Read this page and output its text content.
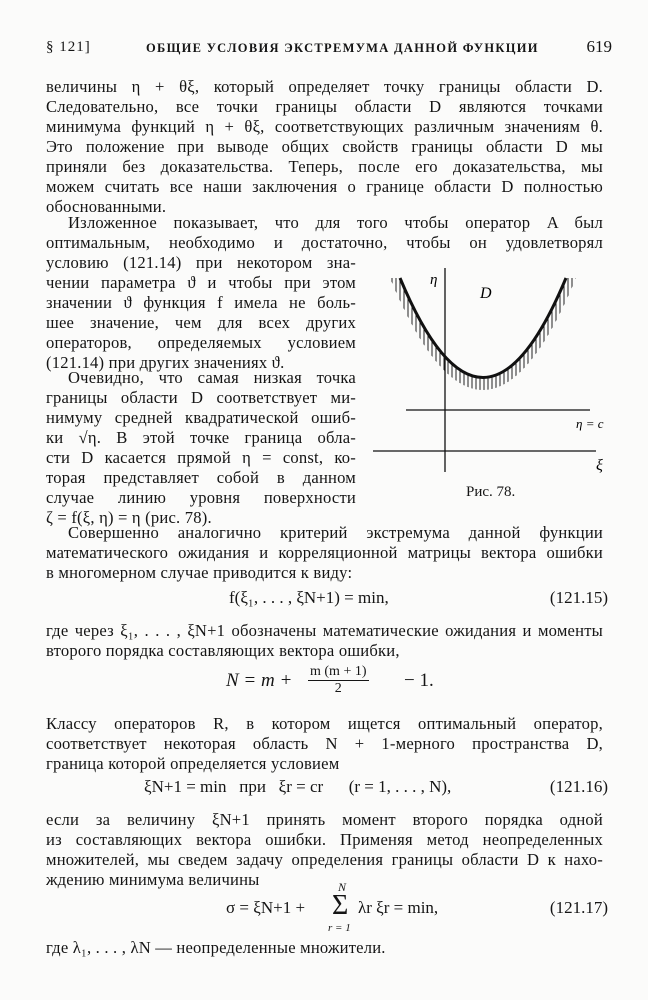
§ 121]	ОБЩИЕ УСЛОВИЯ ЭКСТРЕМУМА ДАННОЙ ФУНКЦИИ	619

величины η + θξ, который определяет точку границы области D.

Следовательно, все точки границы области D являются точками

минимума функций η + θξ, соответствующих различным значениям θ.

Это положение при выводе общих свойств границы области D мы

приняли без доказательства. Теперь, после его доказательства, мы

можем считать все наши заключения о границе области D полностью

обоснованными.

Изложенное показывает, что для того чтобы оператор A был

оптимальным, необходимо и достаточно, чтобы он удовлетворял

условию (121.14) при некотором зна-

чении параметра ϑ и чтобы при этом

значении ϑ функция f имела не боль-

шее значение, чем для всех других

операторов, определяемых условием

(121.14) при других значениях ϑ.

Очевидно, что самая низкая точка

границы области D соответствует ми-

нимуму средней квадратической ошиб-

ки √η. В этой точке граница обла-

сти D касается прямой η = const, ко-

торая представляет собой в данном

случае линию уровня поверхности

ζ = f(ξ, η) = η (рис. 78).

η
D
η = c
ξ
Рис. 78.

Совершенно аналогично критерий экстремума данной функции

математического ожидания и корреляционной матрицы вектора ошибки

в многомерном случае приводится к виду:

f(ξ₁, . . . , ξN+1) = min,	(121.15)

где через ξ₁, . . . , ξN+1 обозначены математические ожидания и моменты

второго порядка составляющих вектора ошибки,

$N = m + \frac{m (m + 1)}{2} - 1$.

Классу операторов R, в котором ищется оптимальный оператор,

соответствует некоторая область N + 1-мерного пространства D,

граница которой определяется условием

ξN+1 = min   при   ξr = cr      (r = 1, . . . , N),	(121.16)

если за величину ξN+1 принять момент второго порядка одной

из составляющих вектора ошибки. Применяя метод неопределенных

множителей, мы сведем задачу определения границы области D к нахо-

ждению минимума величины

σ = ξN+1 +
N
Σ
r = 1
λr ξr = min,	(121.17)

где λ₁, . . . , λN — неопределенные множители.
